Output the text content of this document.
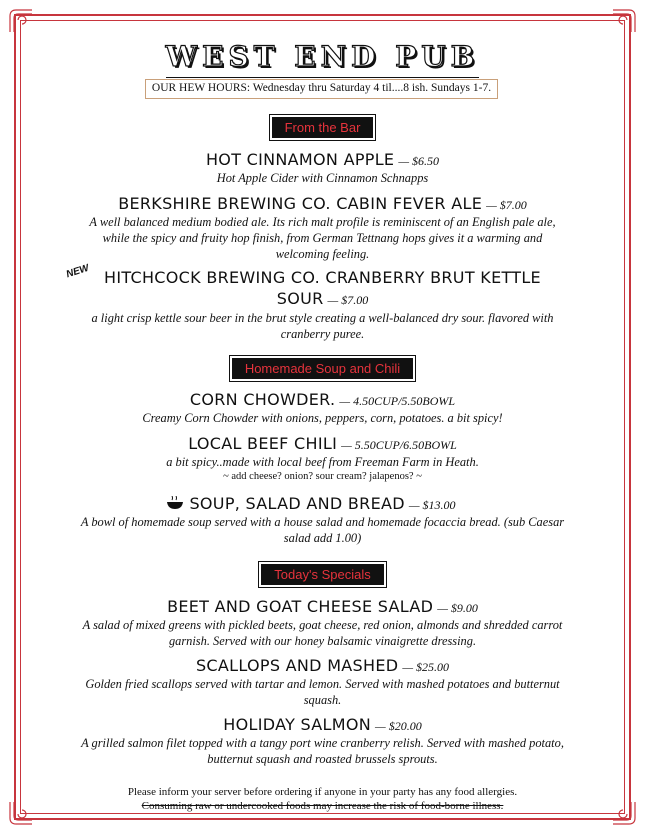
WEST END PUB
OUR HEW HOURS: Wednesday thru Saturday 4 til....8 ish. Sundays 1-7.
From the Bar
HOT CINNAMON APPLE — $6.50
Hot Apple Cider with Cinnamon Schnapps
BERKSHIRE BREWING CO. CABIN FEVER ALE — $7.00
A well balanced medium bodied ale. Its rich malt profile is reminiscent of an English pale ale, while the spicy and fruity hop finish, from German Tettnang hops gives it a warming and welcoming feeling.
NEW HITCHCOCK BREWING CO. CRANBERRY BRUT KETTLE SOUR — $7.00
a light crisp kettle sour beer in the brut style creating a well-balanced dry sour. flavored with cranberry puree.
Homemade Soup and Chili
CORN CHOWDER. — 4.50CUP/5.50BOWL
Creamy Corn Chowder with onions, peppers, corn, potatoes. a bit spicy!
LOCAL BEEF CHILI — 5.50CUP/6.50BOWL
a bit spicy..made with local beef from Freeman Farm in Heath.
~ add cheese? onion? sour cream? jalapenos? ~
SOUP, SALAD AND BREAD — $13.00
A bowl of homemade soup served with a house salad and homemade focaccia bread. (sub Caesar salad add 1.00)
Today's Specials
BEET AND GOAT CHEESE SALAD — $9.00
A salad of mixed greens with pickled beets, goat cheese, red onion, almonds and shredded carrot garnish. Served with our honey balsamic vinaigrette dressing.
SCALLOPS AND MASHED — $25.00
Golden fried scallops served with tartar and lemon. Served with mashed potatoes and butternut squash.
HOLIDAY SALMON — $20.00
A grilled salmon filet topped with a tangy port wine cranberry relish. Served with mashed potato, butternut squash and roasted brussels sprouts.
Please inform your server before ordering if anyone in your party has any food allergies.
Consuming raw or undercooked foods may increase the risk of food-borne illness.
